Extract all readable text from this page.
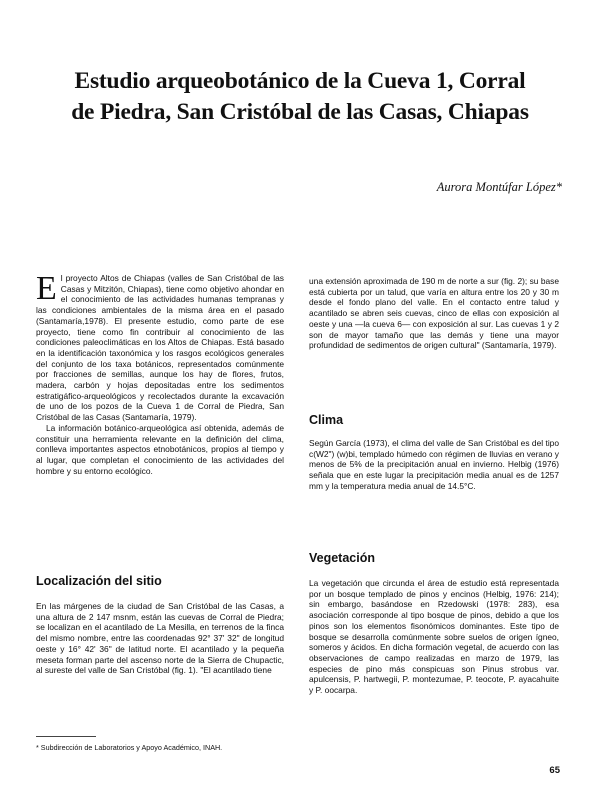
Estudio arqueobotánico de la Cueva 1, Corral
de Piedra, San Cristóbal de las Casas, Chiapas

Aurora Montúfar López*

E l proyecto Altos de Chiapas (valles de San Cristóbal de las Casas y Mitzitón, Chiapas), tiene como objetivo ahondar en el conocimiento de las actividades humanas tempranas y las condiciones ambientales de la misma área en el pasado (Santamaría,1978). El presente estudio, como parte de ese proyecto, tiene como fin contribuir al conocimiento de las condiciones paleoclimáticas en los Altos de Chiapas. Está basado en la identificación taxonómica y los rasgos ecológicos generales del conjunto de los taxa botánicos, representados comúnmente por fracciones de semillas, aunque los hay de flores, frutos, madera, carbón y hojas depositadas entre los sedimentos estratigáfico-arqueológicos y recolectados durante la excavación de uno de los pozos de la Cueva 1 de Corral de Piedra, San Cristóbal de las Casas (Santamaría, 1979).

La información botánico-arqueológica así obtenida, además de constituir una herramienta relevante en la definición del clima, conlleva importantes aspectos etnobotánicos, propios al tiempo y al lugar, que completan el conocimiento de las actividades del hombre y su entorno ecológico.

Localización del sitio

En las márgenes de la ciudad de San Cristóbal de las Casas, a una altura de 2 147 msnm, están las cuevas de Corral de Piedra; se localizan en el acantilado de La Mesilla, en terrenos de la finca del mismo nombre, entre las coordenadas 92° 37' 32" de longitud oeste y 16° 42' 36" de latitud norte. El acantilado y la pequeña meseta forman parte del ascenso norte de la Sierra de Chupactic, al sureste del valle de San Cristóbal (fig. 1). "El acantilado tiene

una extensión aproximada de 190 m de norte a sur (fig. 2); su base está cubierta por un talud, que varía en altura entre los 20 y 30 m desde el fondo plano del valle. En el contacto entre talud y acantilado se abren seis cuevas, cinco de ellas con exposición al oeste y una —la cueva 6— con exposición al sur. Las cuevas 1 y 2 son de mayor tamaño que las demás y tiene una mayor profundidad de sedimentos de origen cultural" (Santamaría, 1979).

Clima

Según García (1973), el clima del valle de San Cristóbal es del tipo c(W2") (w)bi, templado húmedo con régimen de lluvias en verano y menos de 5% de la precipitación anual en invierno. Helbig (1976) señala que en este lugar la precipitación media anual es de 1257 mm y la temperatura media anual de 14.5°C.

Vegetación

La vegetación que circunda el área de estudio está representada por un bosque templado de pinos y encinos (Helbig, 1976: 214); sin embargo, basándose en Rzedowski (1978: 283), esa asociación corresponde al tipo bosque de pinos, debido a que los pinos son los elementos fisonómicos dominantes. Este tipo de bosque se desarrolla comúnmente sobre suelos de origen ígneo, someros y ácidos. En dicha formación vegetal, de acuerdo con las observaciones de campo realizadas en marzo de 1979, las especies de pino más conspicuas son Pinus strobus var. apulcensis, P. hartwegii, P. montezumae, P. teocote, P. ayacahuite y P. oocarpa.

* Subdirección de Laboratorios y Apoyo Académico, INAH.
65
